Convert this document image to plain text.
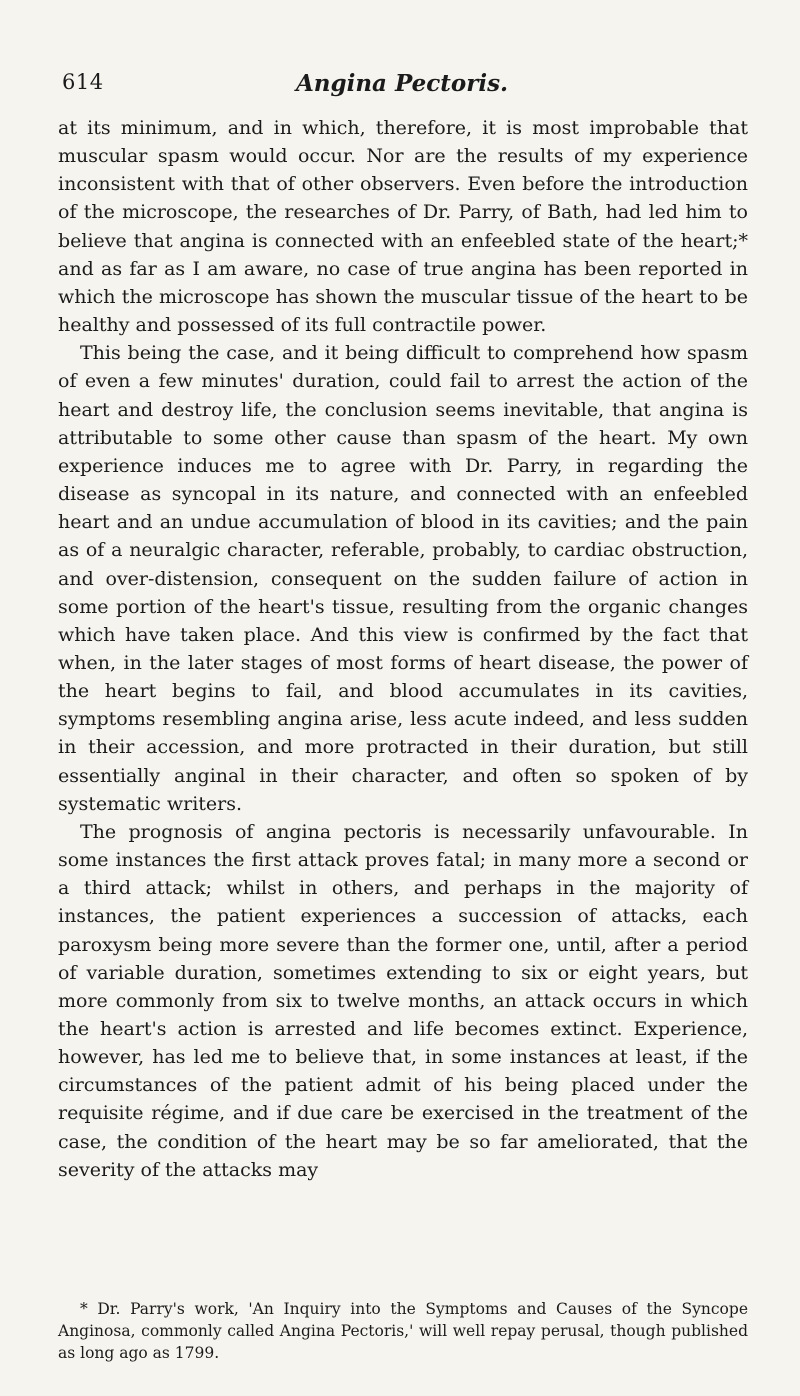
614	Angina Pectoris.

at its minimum, and in which, therefore, it is most improbable that muscular spasm would occur. Nor are the results of my experience inconsistent with that of other observers. Even before the introduction of the microscope, the researches of Dr. Parry, of Bath, had led him to believe that angina is connected with an enfeebled state of the heart;* and as far as I am aware, no case of true angina has been reported in which the microscope has shown the muscular tissue of the heart to be healthy and possessed of its full contractile power.

This being the case, and it being difficult to comprehend how spasm of even a few minutes' duration, could fail to arrest the action of the heart and destroy life, the conclusion seems inevitable, that angina is attributable to some other cause than spasm of the heart. My own experience induces me to agree with Dr. Parry, in regarding the disease as syncopal in its nature, and connected with an enfeebled heart and an undue accumulation of blood in its cavities; and the pain as of a neuralgic character, referable, probably, to cardiac obstruction, and over-distension, consequent on the sudden failure of action in some portion of the heart's tissue, resulting from the organic changes which have taken place. And this view is confirmed by the fact that when, in the later stages of most forms of heart disease, the power of the heart begins to fail, and blood accumulates in its cavities, symptoms resembling angina arise, less acute indeed, and less sudden in their accession, and more protracted in their duration, but still essentially anginal in their character, and often so spoken of by systematic writers.

The prognosis of angina pectoris is necessarily unfavourable. In some instances the first attack proves fatal; in many more a second or a third attack; whilst in others, and perhaps in the majority of instances, the patient experiences a succession of attacks, each paroxysm being more severe than the former one, until, after a period of variable duration, sometimes extending to six or eight years, but more commonly from six to twelve months, an attack occurs in which the heart's action is arrested and life becomes extinct. Experience, however, has led me to believe that, in some instances at least, if the circumstances of the patient admit of his being placed under the requisite régime, and if due care be exercised in the treatment of the case, the condition of the heart may be so far ameliorated, that the severity of the attacks may

* Dr. Parry's work, 'An Inquiry into the Symptoms and Causes of the Syncope Anginosa, commonly called Angina Pectoris,' will well repay perusal, though published as long ago as 1799.
